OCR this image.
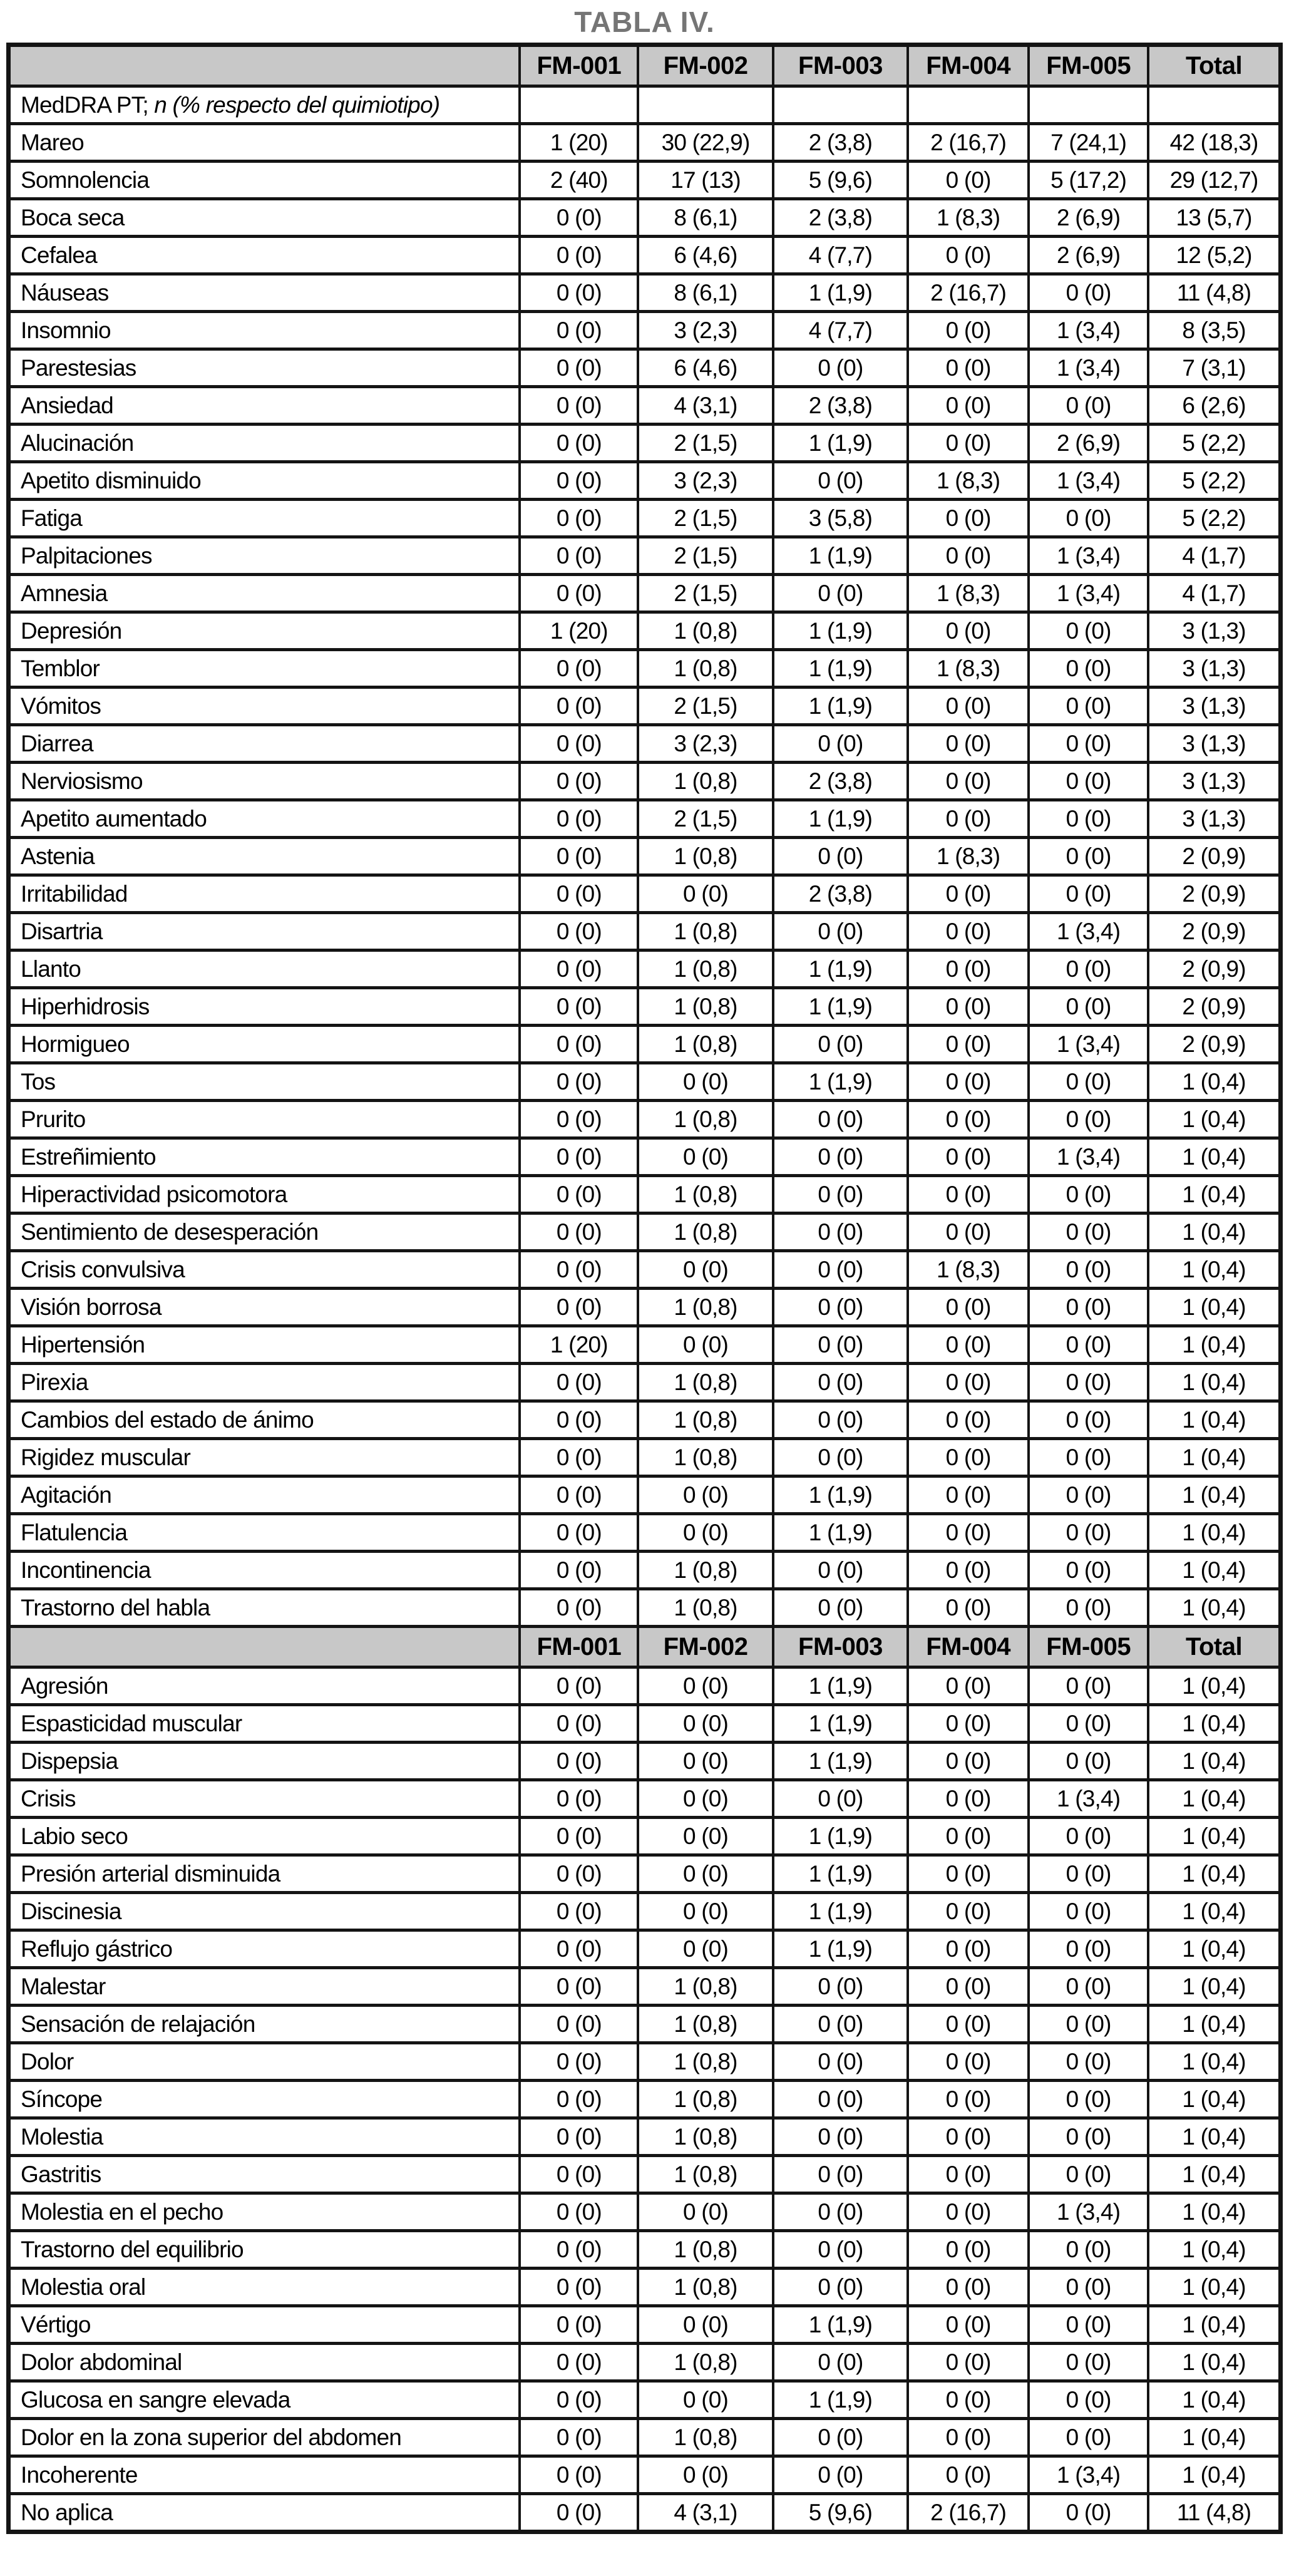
TABLA IV.
	FM-001	FM-002	FM-003	FM-004	FM-005	Total
MedDRA PT; n (% respecto del quimiotipo)						
Mareo	1 (20)	30 (22,9)	2 (3,8)	2 (16,7)	7 (24,1)	42 (18,3)
Somnolencia	2 (40)	17 (13)	5 (9,6)	0 (0)	5 (17,2)	29 (12,7)
Boca seca	0 (0)	8 (6,1)	2 (3,8)	1 (8,3)	2 (6,9)	13 (5,7)
Cefalea	0 (0)	6 (4,6)	4 (7,7)	0 (0)	2 (6,9)	12 (5,2)
Náuseas	0 (0)	8 (6,1)	1 (1,9)	2 (16,7)	0 (0)	11 (4,8)
Insomnio	0 (0)	3 (2,3)	4 (7,7)	0 (0)	1 (3,4)	8 (3,5)
Parestesias	0 (0)	6 (4,6)	0 (0)	0 (0)	1 (3,4)	7 (3,1)
Ansiedad	0 (0)	4 (3,1)	2 (3,8)	0 (0)	0 (0)	6 (2,6)
Alucinación	0 (0)	2 (1,5)	1 (1,9)	0 (0)	2 (6,9)	5 (2,2)
Apetito disminuido	0 (0)	3 (2,3)	0 (0)	1 (8,3)	1 (3,4)	5 (2,2)
Fatiga	0 (0)	2 (1,5)	3 (5,8)	0 (0)	0 (0)	5 (2,2)
Palpitaciones	0 (0)	2 (1,5)	1 (1,9)	0 (0)	1 (3,4)	4 (1,7)
Amnesia	0 (0)	2 (1,5)	0 (0)	1 (8,3)	1 (3,4)	4 (1,7)
Depresión	1 (20)	1 (0,8)	1 (1,9)	0 (0)	0 (0)	3 (1,3)
Temblor	0 (0)	1 (0,8)	1 (1,9)	1 (8,3)	0 (0)	3 (1,3)
Vómitos	0 (0)	2 (1,5)	1 (1,9)	0 (0)	0 (0)	3 (1,3)
Diarrea	0 (0)	3 (2,3)	0 (0)	0 (0)	0 (0)	3 (1,3)
Nerviosismo	0 (0)	1 (0,8)	2 (3,8)	0 (0)	0 (0)	3 (1,3)
Apetito aumentado	0 (0)	2 (1,5)	1 (1,9)	0 (0)	0 (0)	3 (1,3)
Astenia	0 (0)	1 (0,8)	0 (0)	1 (8,3)	0 (0)	2 (0,9)
Irritabilidad	0 (0)	0 (0)	2 (3,8)	0 (0)	0 (0)	2 (0,9)
Disartria	0 (0)	1 (0,8)	0 (0)	0 (0)	1 (3,4)	2 (0,9)
Llanto	0 (0)	1 (0,8)	1 (1,9)	0 (0)	0 (0)	2 (0,9)
Hiperhidrosis	0 (0)	1 (0,8)	1 (1,9)	0 (0)	0 (0)	2 (0,9)
Hormigueo	0 (0)	1 (0,8)	0 (0)	0 (0)	1 (3,4)	2 (0,9)
Tos	0 (0)	0 (0)	1 (1,9)	0 (0)	0 (0)	1 (0,4)
Prurito	0 (0)	1 (0,8)	0 (0)	0 (0)	0 (0)	1 (0,4)
Estreñimiento	0 (0)	0 (0)	0 (0)	0 (0)	1 (3,4)	1 (0,4)
Hiperactividad psicomotora	0 (0)	1 (0,8)	0 (0)	0 (0)	0 (0)	1 (0,4)
Sentimiento de desesperación	0 (0)	1 (0,8)	0 (0)	0 (0)	0 (0)	1 (0,4)
Crisis convulsiva	0 (0)	0 (0)	0 (0)	1 (8,3)	0 (0)	1 (0,4)
Visión borrosa	0 (0)	1 (0,8)	0 (0)	0 (0)	0 (0)	1 (0,4)
Hipertensión	1 (20)	0 (0)	0 (0)	0 (0)	0 (0)	1 (0,4)
Pirexia	0 (0)	1 (0,8)	0 (0)	0 (0)	0 (0)	1 (0,4)
Cambios del estado de ánimo	0 (0)	1 (0,8)	0 (0)	0 (0)	0 (0)	1 (0,4)
Rigidez muscular	0 (0)	1 (0,8)	0 (0)	0 (0)	0 (0)	1 (0,4)
Agitación	0 (0)	0 (0)	1 (1,9)	0 (0)	0 (0)	1 (0,4)
Flatulencia	0 (0)	0 (0)	1 (1,9)	0 (0)	0 (0)	1 (0,4)
Incontinencia	0 (0)	1 (0,8)	0 (0)	0 (0)	0 (0)	1 (0,4)
Trastorno del habla	0 (0)	1 (0,8)	0 (0)	0 (0)	0 (0)	1 (0,4)
	FM-001	FM-002	FM-003	FM-004	FM-005	Total
Agresión	0 (0)	0 (0)	1 (1,9)	0 (0)	0 (0)	1 (0,4)
Espasticidad muscular	0 (0)	0 (0)	1 (1,9)	0 (0)	0 (0)	1 (0,4)
Dispepsia	0 (0)	0 (0)	1 (1,9)	0 (0)	0 (0)	1 (0,4)
Crisis	0 (0)	0 (0)	0 (0)	0 (0)	1 (3,4)	1 (0,4)
Labio seco	0 (0)	0 (0)	1 (1,9)	0 (0)	0 (0)	1 (0,4)
Presión arterial disminuida	0 (0)	0 (0)	1 (1,9)	0 (0)	0 (0)	1 (0,4)
Discinesia	0 (0)	0 (0)	1 (1,9)	0 (0)	0 (0)	1 (0,4)
Reflujo gástrico	0 (0)	0 (0)	1 (1,9)	0 (0)	0 (0)	1 (0,4)
Malestar	0 (0)	1 (0,8)	0 (0)	0 (0)	0 (0)	1 (0,4)
Sensación de relajación	0 (0)	1 (0,8)	0 (0)	0 (0)	0 (0)	1 (0,4)
Dolor	0 (0)	1 (0,8)	0 (0)	0 (0)	0 (0)	1 (0,4)
Síncope	0 (0)	1 (0,8)	0 (0)	0 (0)	0 (0)	1 (0,4)
Molestia	0 (0)	1 (0,8)	0 (0)	0 (0)	0 (0)	1 (0,4)
Gastritis	0 (0)	1 (0,8)	0 (0)	0 (0)	0 (0)	1 (0,4)
Molestia en el pecho	0 (0)	0 (0)	0 (0)	0 (0)	1 (3,4)	1 (0,4)
Trastorno del equilibrio	0 (0)	1 (0,8)	0 (0)	0 (0)	0 (0)	1 (0,4)
Molestia oral	0 (0)	1 (0,8)	0 (0)	0 (0)	0 (0)	1 (0,4)
Vértigo	0 (0)	0 (0)	1 (1,9)	0 (0)	0 (0)	1 (0,4)
Dolor abdominal	0 (0)	1 (0,8)	0 (0)	0 (0)	0 (0)	1 (0,4)
Glucosa en sangre elevada	0 (0)	0 (0)	1 (1,9)	0 (0)	0 (0)	1 (0,4)
Dolor en la zona superior del abdomen	0 (0)	1 (0,8)	0 (0)	0 (0)	0 (0)	1 (0,4)
Incoherente	0 (0)	0 (0)	0 (0)	0 (0)	1 (3,4)	1 (0,4)
No aplica	0 (0)	4 (3,1)	5 (9,6)	2 (16,7)	0 (0)	11 (4,8)
